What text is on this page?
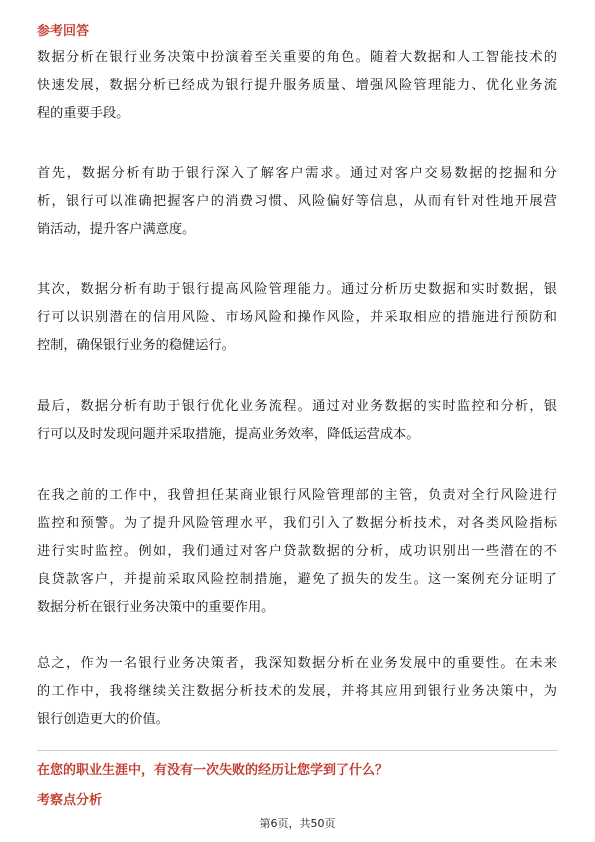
参考回答
数据分析在银行业务决策中扮演着至关重要的角色。随着大数据和人工智能技术的
快速发展，数据分析已经成为银行提升服务质量、增强风险管理能力、优化业务流
程的重要手段。
首先，数据分析有助于银行深入了解客户需求。通过对客户交易数据的挖掘和分
析，银行可以准确把握客户的消费习惯、风险偏好等信息，从而有针对性地开展营
销活动，提升客户满意度。
其次，数据分析有助于银行提高风险管理能力。通过分析历史数据和实时数据，银
行可以识别潜在的信用风险、市场风险和操作风险，并采取相应的措施进行预防和
控制，确保银行业务的稳健运行。
最后，数据分析有助于银行优化业务流程。通过对业务数据的实时监控和分析，银
行可以及时发现问题并采取措施，提高业务效率，降低运营成本。
在我之前的工作中，我曾担任某商业银行风险管理部的主管，负责对全行风险进行
监控和预警。为了提升风险管理水平，我们引入了数据分析技术，对各类风险指标
进行实时监控。例如，我们通过对客户贷款数据的分析，成功识别出一些潜在的不
良贷款客户，并提前采取风险控制措施，避免了损失的发生。这一案例充分证明了
数据分析在银行业务决策中的重要作用。
总之，作为一名银行业务决策者，我深知数据分析在业务发展中的重要性。在未来
的工作中，我将继续关注数据分析技术的发展，并将其应用到银行业务决策中，为
银行创造更大的价值。
在您的职业生涯中，有没有一次失败的经历让您学到了什么？
考察点分析
第6页，共50页
